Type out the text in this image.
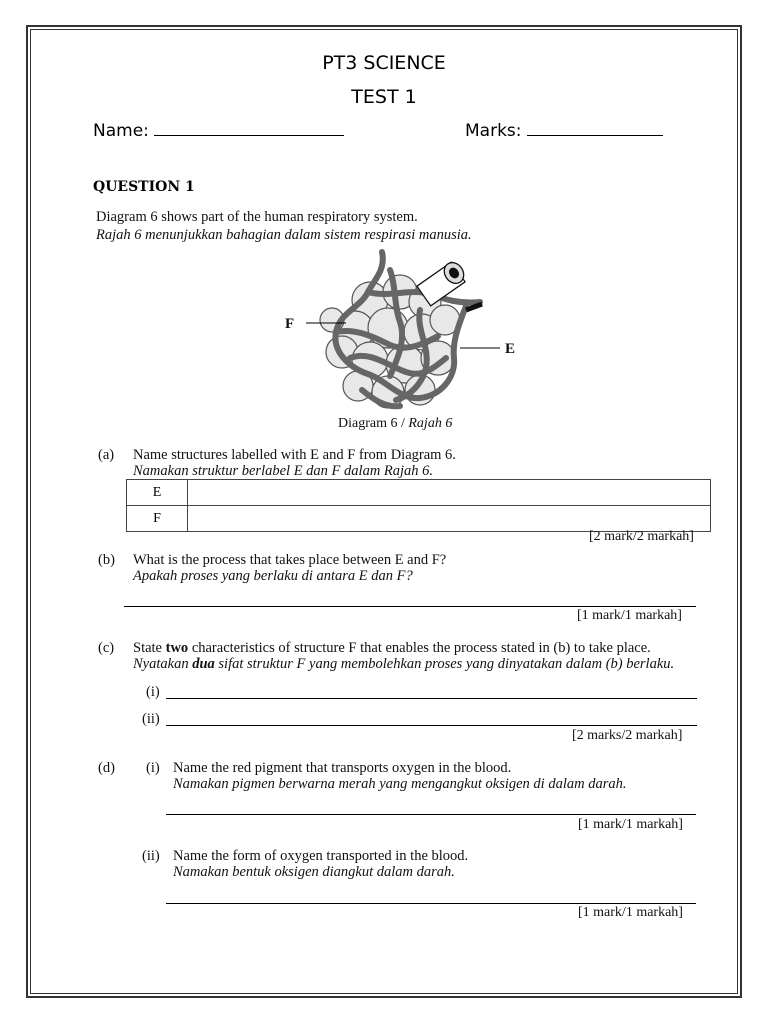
PT3 SCIENCE
TEST 1
Name:	Marks:
QUESTION 1
Diagram 6 shows part of the human respiratory system.
Rajah 6 menunjukkan bahagian dalam sistem respirasi manusia.
F
E
Diagram 6 / Rajah 6
(a) Name structures labelled with E and F from Diagram 6.
Namakan struktur berlabel E dan F dalam Rajah 6.
E	
F	
[2 mark/2 markah]
(b) What is the process that takes place between E and F?
Apakah proses yang berlaku di antara E dan F?
[1 mark/1 markah]
(c) State two characteristics of structure F that enables the process stated in (b) to take place.
Nyatakan dua sifat struktur F yang membolehkan proses yang dinyatakan dalam (b) berlaku.
(i)
(ii)
[2 marks/2 markah]
(d) (i) Name the red pigment that transports oxygen in the blood.
Namakan pigmen berwarna merah yang mengangkut oksigen di dalam darah.
[1 mark/1 markah]
(ii) Name the form of oxygen transported in the blood.
Namakan bentuk oksigen diangkut dalam darah.
[1 mark/1 markah]
